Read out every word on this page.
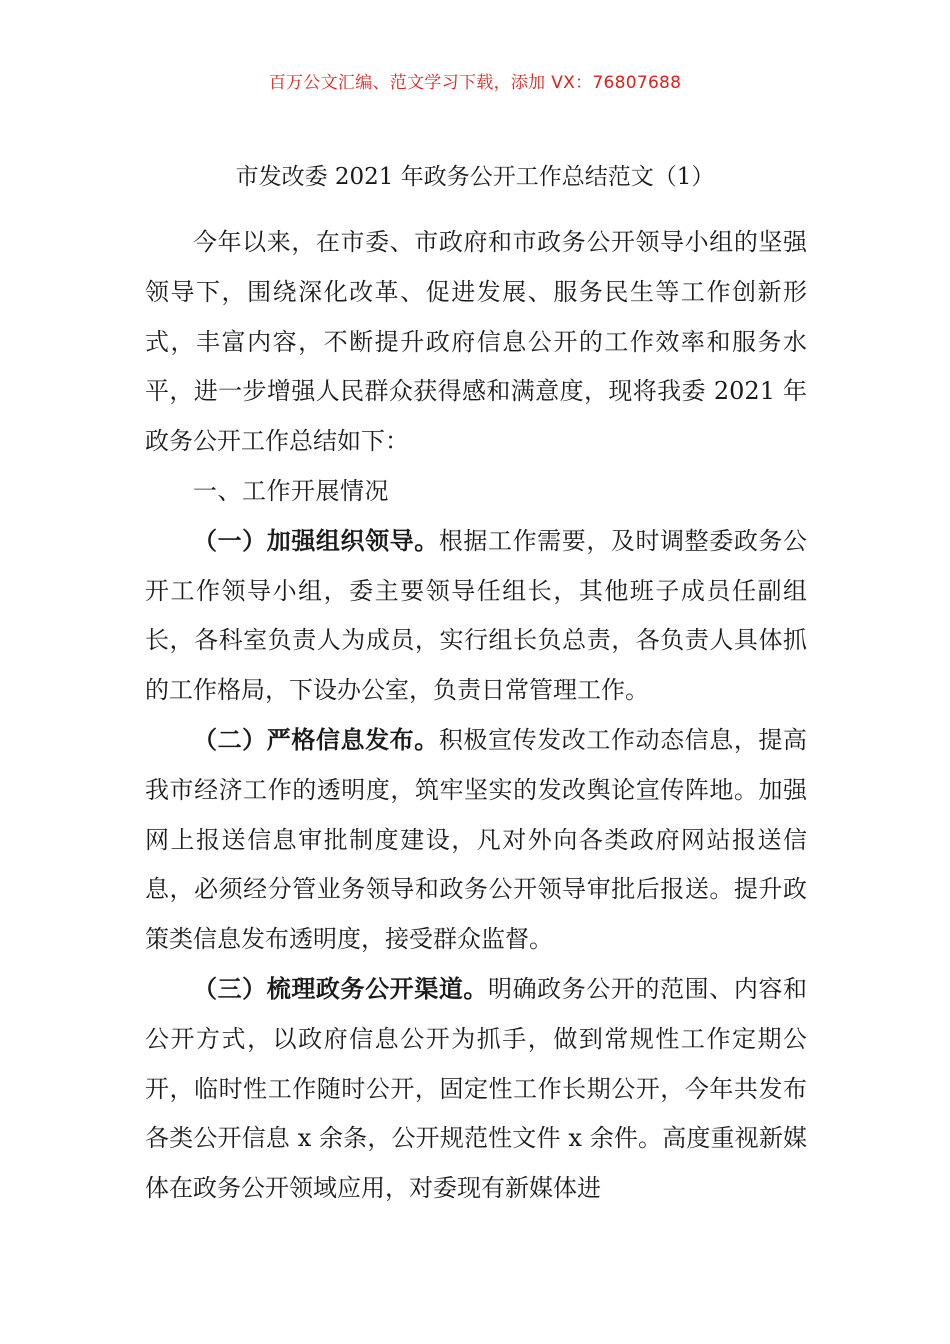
百万公文汇编、范文学习下载，添加 VX：76807688
市发改委 2021 年政务公开工作总结范文（1）

今年以来，在市委、市政府和市政务公开领导小组的坚强领导下，围绕深化改革、促进发展、服务民生等工作创新形式，丰富内容，不断提升政府信息公开的工作效率和服务水平，进一步增强人民群众获得感和满意度，现将我委 2021 年政务公开工作总结如下：

一、工作开展情况

（一）加强组织领导。根据工作需要，及时调整委政务公开工作领导小组，委主要领导任组长，其他班子成员任副组长，各科室负责人为成员，实行组长负总责，各负责人具体抓的工作格局，下设办公室，负责日常管理工作。

（二）严格信息发布。积极宣传发改工作动态信息，提高我市经济工作的透明度，筑牢坚实的发改舆论宣传阵地。加强网上报送信息审批制度建设，凡对外向各类政府网站报送信息，必须经分管业务领导和政务公开领导审批后报送。提升政策类信息发布透明度，接受群众监督。

（三）梳理政务公开渠道。明确政务公开的范围、内容和公开方式，以政府信息公开为抓手，做到常规性工作定期公开，临时性工作随时公开，固定性工作长期公开，今年共发布各类公开信息 x 余条，公开规范性文件 x 余件。高度重视新媒体在政务公开领域应用，对委现有新媒体进
